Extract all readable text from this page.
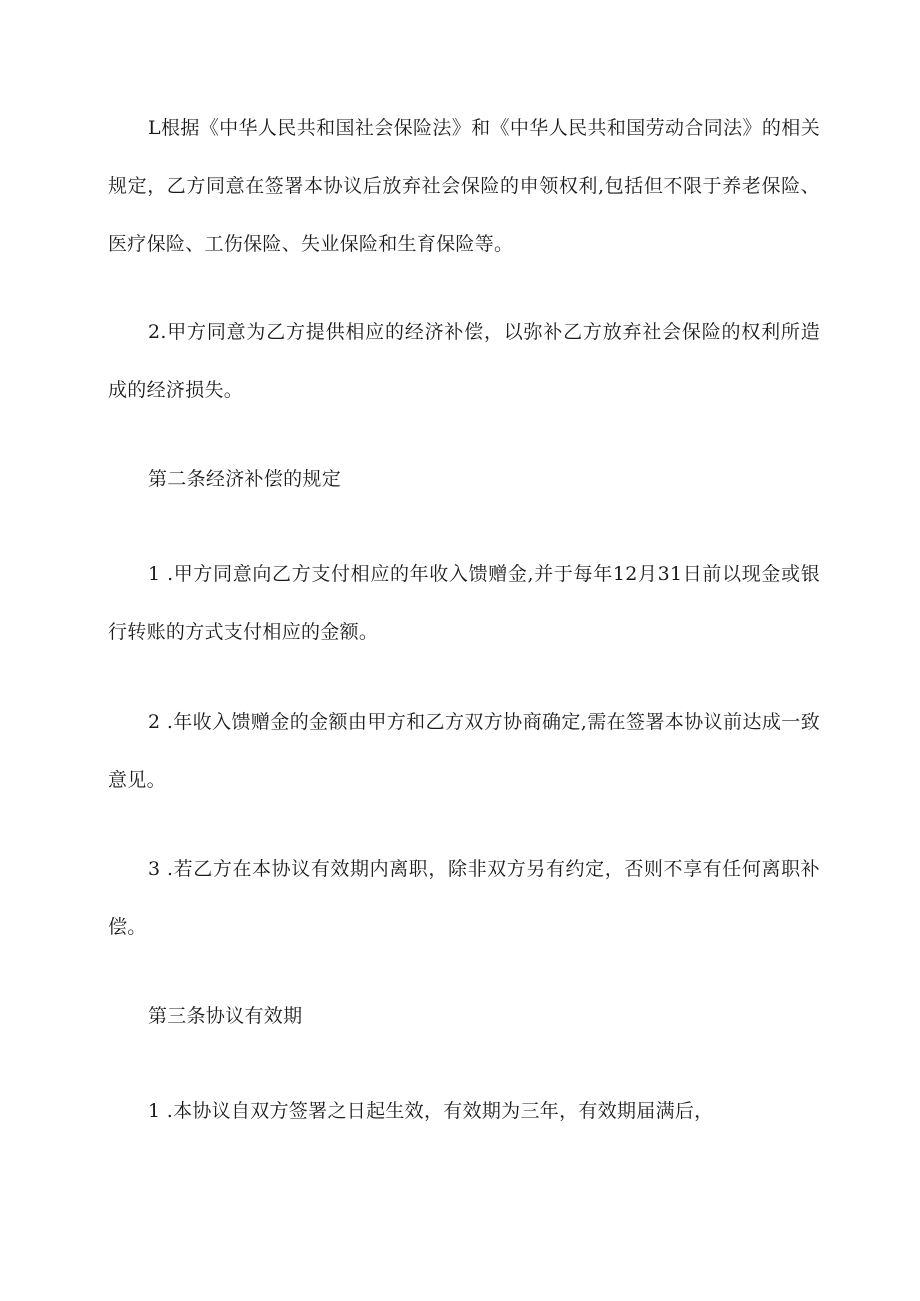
L根据《中华人民共和国社会保险法》和《中华人民共和国劳动合同法》的相关规定，乙方同意在签署本协议后放弃社会保险的申领权利,包括但不限于养老保险、医疗保险、工伤保险、失业保险和生育保险等。

2.甲方同意为乙方提供相应的经济补偿，以弥补乙方放弃社会保险的权利所造成的经济损失。

第二条经济补偿的规定

1 .甲方同意向乙方支付相应的年收入馈赠金,并于每年12月31日前以现金或银行转账的方式支付相应的金额。

2 .年收入馈赠金的金额由甲方和乙方双方协商确定,需在签署本协议前达成一致意见。

3 .若乙方在本协议有效期内离职，除非双方另有约定，否则不享有任何离职补偿。

第三条协议有效期

1 .本协议自双方签署之日起生效，有效期为三年，有效期届满后，
